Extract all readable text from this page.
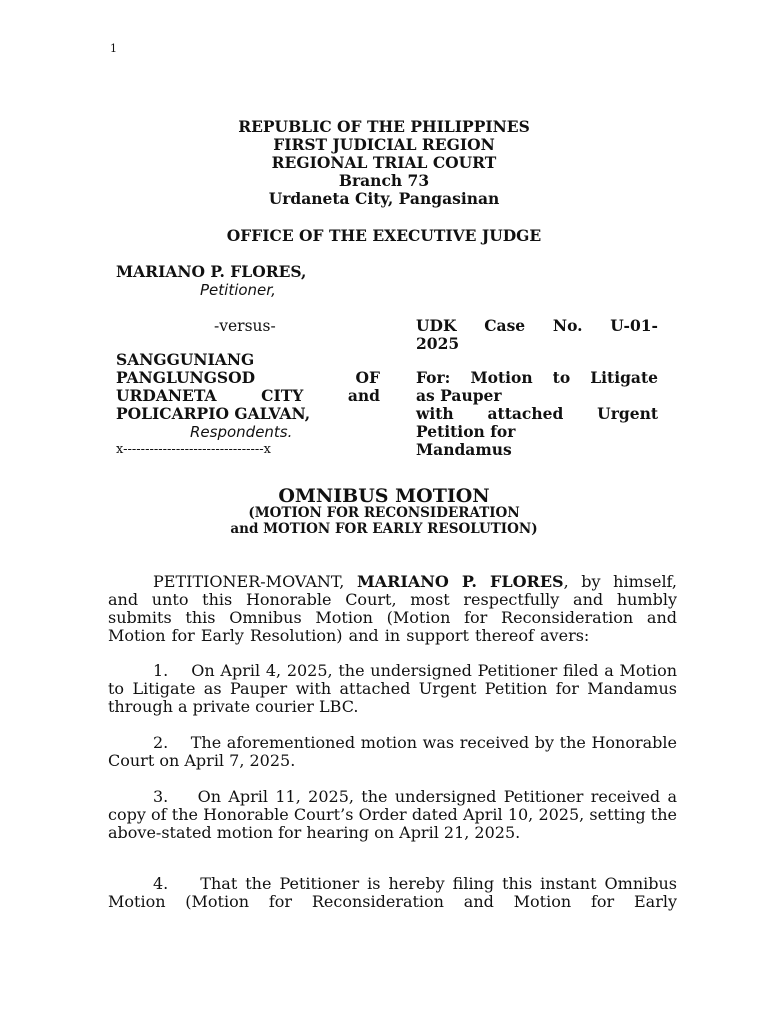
1
REPUBLIC OF THE PHILIPPINES
FIRST JUDICIAL REGION
REGIONAL TRIAL COURT
Branch 73
Urdaneta City, Pangasinan
OFFICE OF THE EXECUTIVE JUDGE
MARIANO P. FLORES,
Petitioner,
-versus-
SANGGUNIANG
PANGLUNGSOD OF
URDANETA CITY and
POLICARPIO GALVAN,
Respondents.
x--------------------------------x
UDK Case No. U-01-
2025
For: Motion to Litigate
as Pauper
with attached Urgent
Petition for
Mandamus
OMNIBUS MOTION
(MOTION FOR RECONSIDERATION
and MOTION FOR EARLY RESOLUTION)
PETITIONER-MOVANT, MARIANO P. FLORES, by himself, and unto this Honorable Court, most respectfully and humbly submits this Omnibus Motion (Motion for Reconsideration and Motion for Early Resolution) and in support thereof avers:
1. On April 4, 2025, the undersigned Petitioner filed a Motion to Litigate as Pauper with attached Urgent Petition for Mandamus through a private courier LBC.
2. The aforementioned motion was received by the Honorable Court on April 7, 2025.
3. On April 11, 2025, the undersigned Petitioner received a copy of the Honorable Court’s Order dated April 10, 2025, setting the above-stated motion for hearing on April 21, 2025.
4. That the Petitioner is hereby filing this instant Omnibus Motion (Motion for Reconsideration and Motion for Early
